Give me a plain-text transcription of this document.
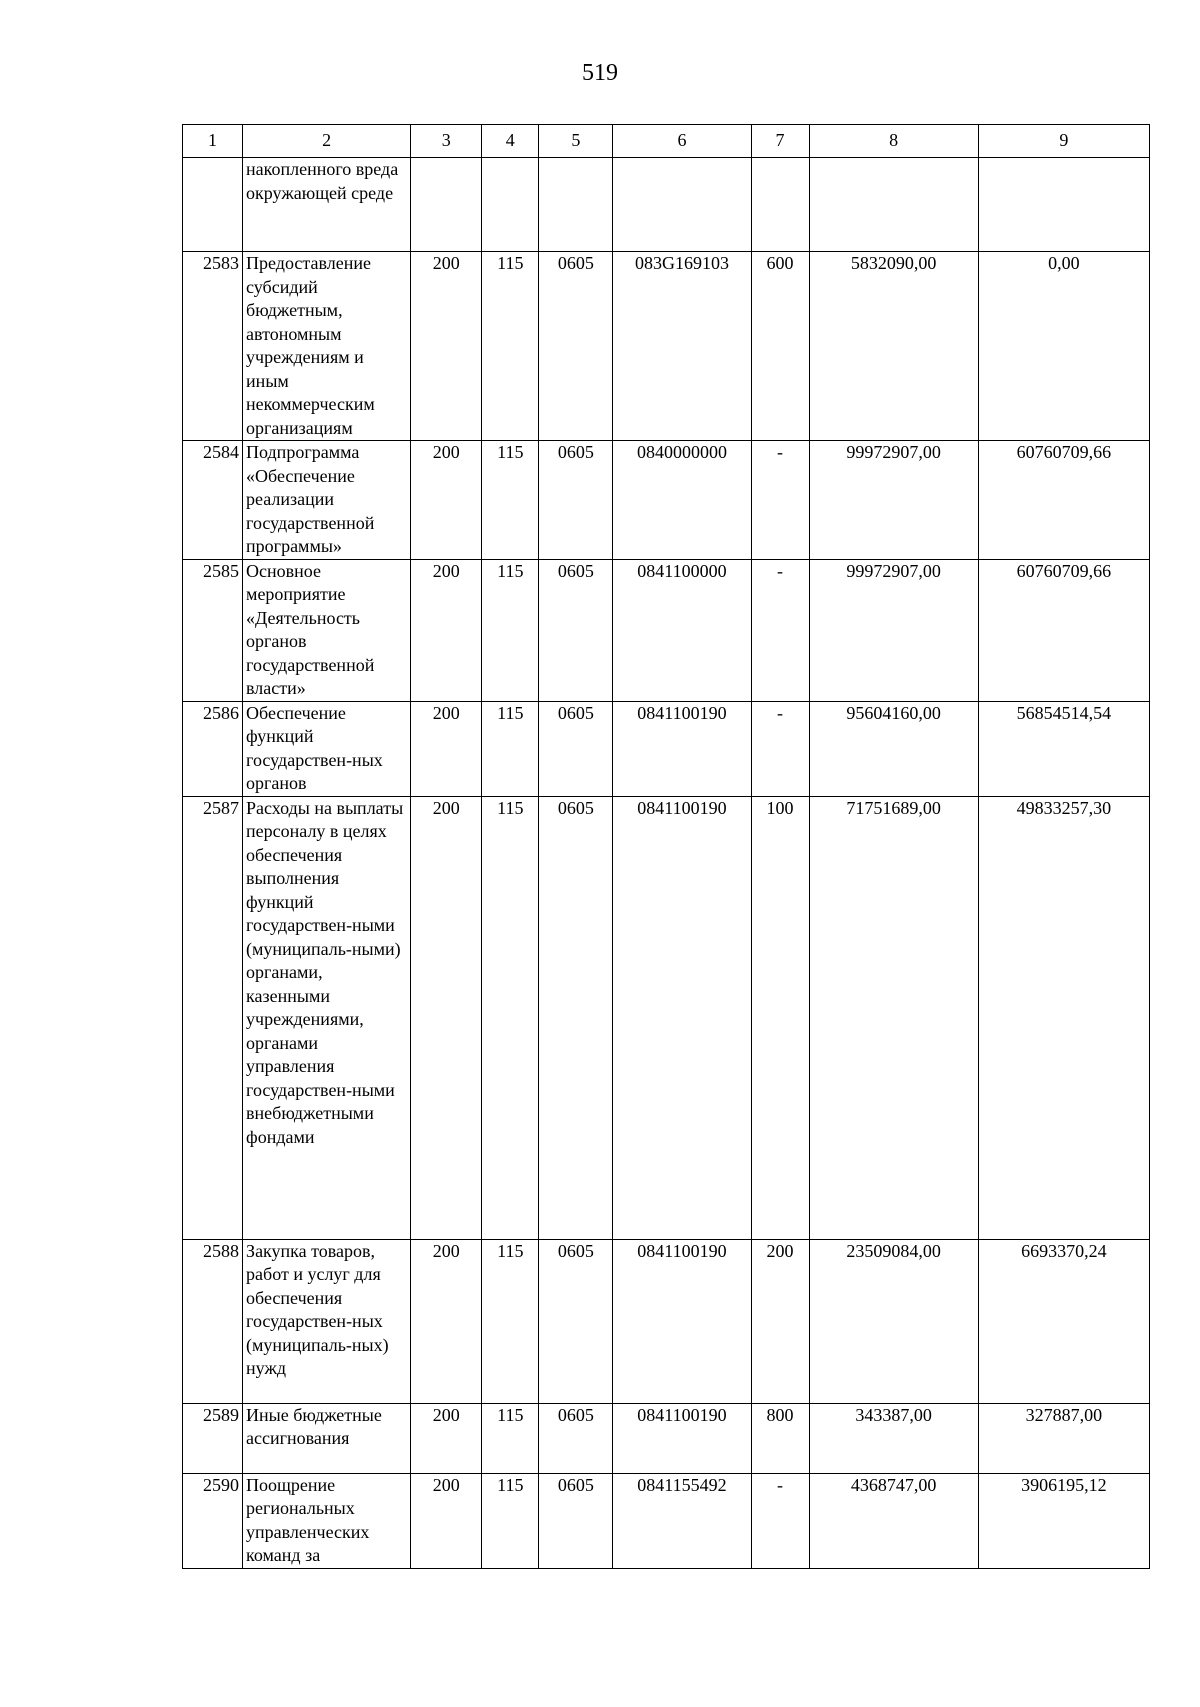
519
1	2	3	4	5	6	7	8	9
	накопленного вреда окружающей среде							
2583	Предоставление субсидий бюджетным, автономным учреждениям и иным некоммерческим организациям	200	115	0605	083G169103	600	5832090,00	0,00
2584	Подпрограмма «Обеспечение реализации государственной программы»	200	115	0605	0840000000	-	99972907,00	60760709,66
2585	Основное мероприятие «Деятельность органов государственной власти»	200	115	0605	0841100000	-	99972907,00	60760709,66
2586	Обеспечение функций государствен-ных органов	200	115	0605	0841100190	-	95604160,00	56854514,54
2587	Расходы на выплаты персоналу в целях обеспечения выполнения функций государствен-ными (муниципаль-ными) органами, казенными учреждениями, органами управления государствен-ными внебюджетными фондами	200	115	0605	0841100190	100	71751689,00	49833257,30
2588	Закупка товаров, работ и услуг для обеспечения государствен-ных (муниципаль-ных) нужд	200	115	0605	0841100190	200	23509084,00	6693370,24
2589	Иные бюджетные ассигнования	200	115	0605	0841100190	800	343387,00	327887,00
2590	Поощрение региональных управленческих команд за	200	115	0605	0841155492	-	4368747,00	3906195,12
